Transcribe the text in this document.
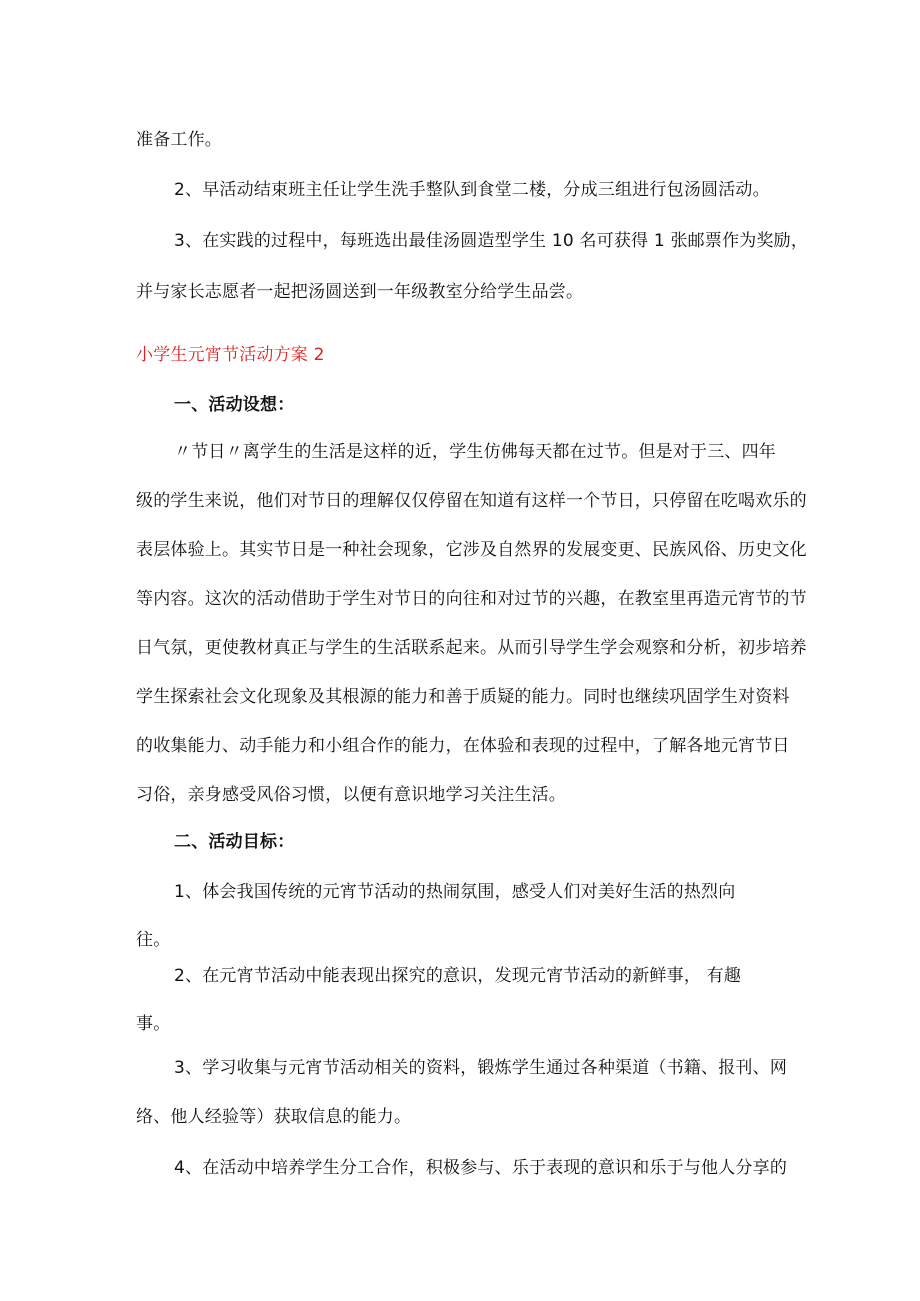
准备工作。
2、早活动结束班主任让学生洗手整队到食堂二楼，分成三组进行包汤圆活动。
3、在实践的过程中，每班选出最佳汤圆造型学生 10 名可获得 1 张邮票作为奖励，
并与家长志愿者一起把汤圆送到一年级教室分给学生品尝。
小学生元宵节活动方案 2
一、活动设想：
〃节日〃离学生的生活是这样的近，学生仿佛每天都在过节。但是对于三、四年
级的学生来说，他们对节日的理解仅仅停留在知道有这样一个节日，只停留在吃喝欢乐的
表层体验上。其实节日是一种社会现象，它涉及自然界的发展变更、民族风俗、历史文化
等内容。这次的活动借助于学生对节日的向往和对过节的兴趣，在教室里再造元宵节的节
日气氛，更使教材真正与学生的生活联系起来。从而引导学生学会观察和分析，初步培养
学生探索社会文化现象及其根源的能力和善于质疑的能力。同时也继续巩固学生对资料
的收集能力、动手能力和小组合作的能力，在体验和表现的过程中，了解各地元宵节日
习俗，亲身感受风俗习惯，以便有意识地学习关注生活。
二、活动目标：
1、体会我国传统的元宵节活动的热闹氛围，感受人们对美好生活的热烈向
往。
2、在元宵节活动中能表现出探究的意识，发现元宵节活动的新鲜事， 有趣
事。
3、学习收集与元宵节活动相关的资料，锻炼学生通过各种渠道（书籍、报刊、网
络、他人经验等）获取信息的能力。
4、在活动中培养学生分工合作，积极参与、乐于表现的意识和乐于与他人分享的
